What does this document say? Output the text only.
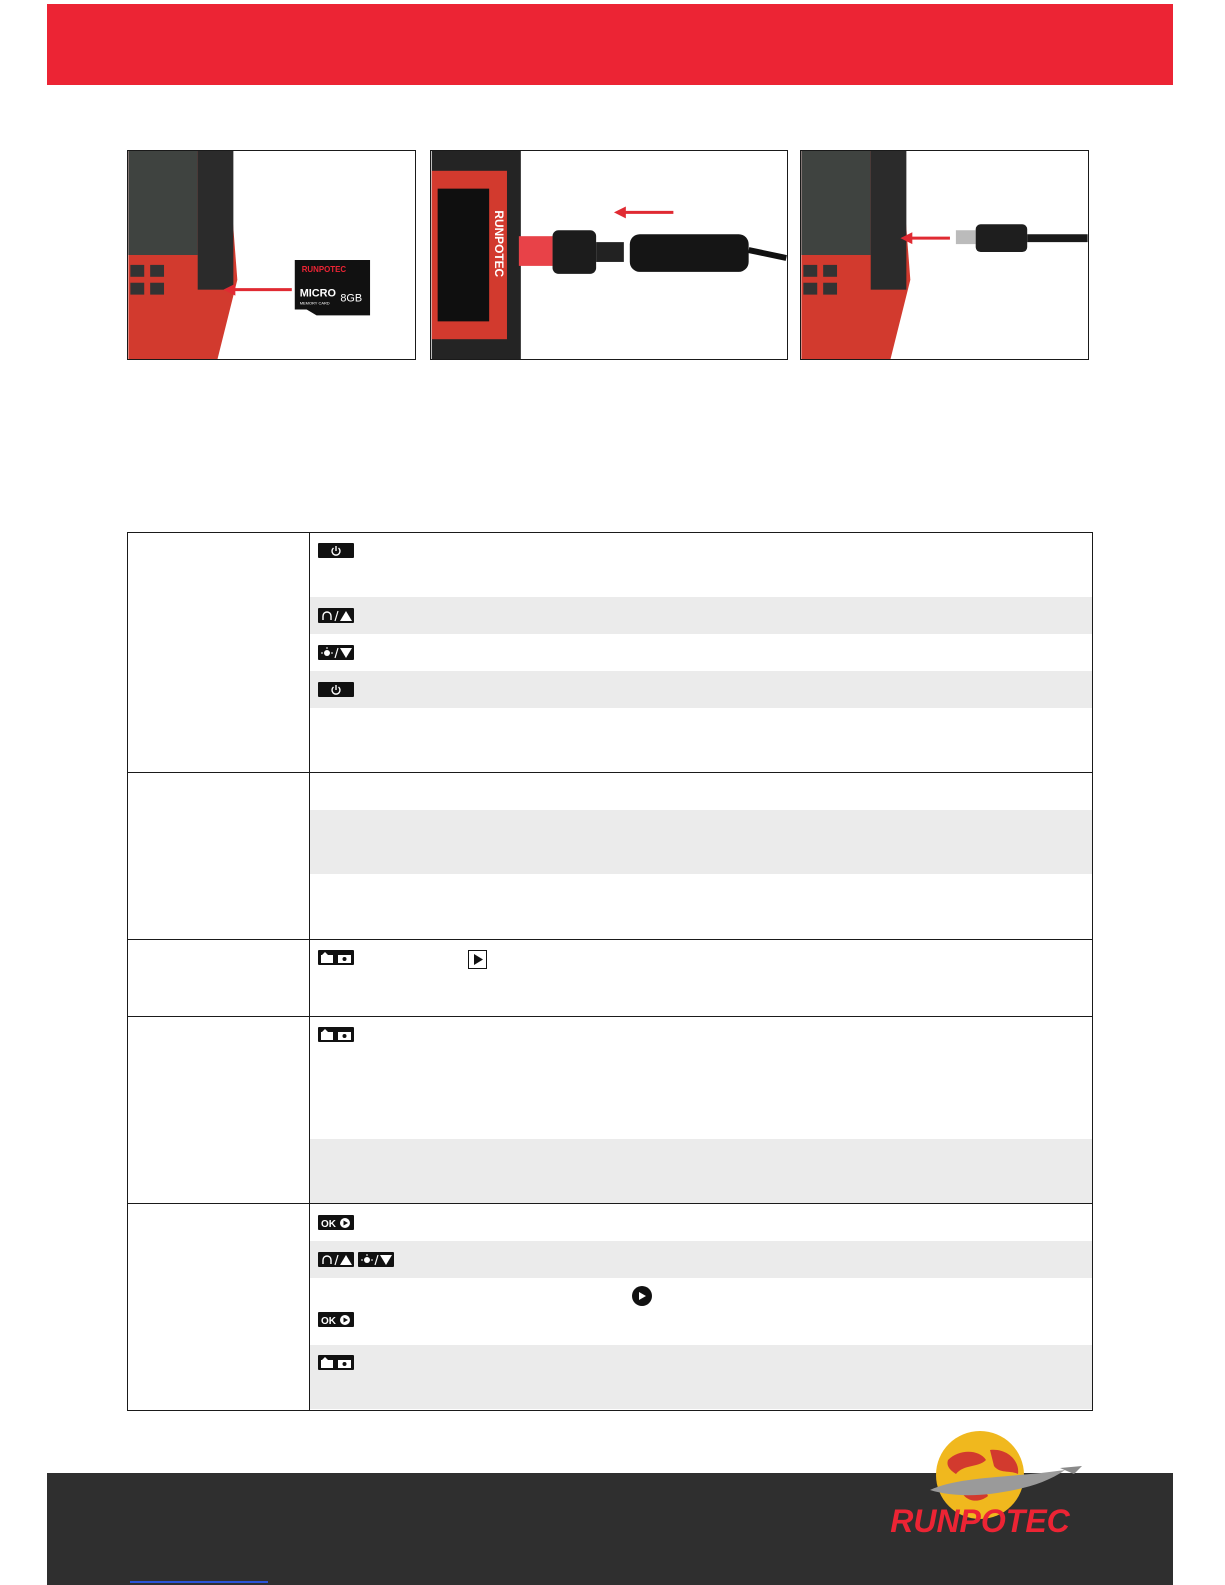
RUNPOTEC
MICRO
MEMORY CARD 8GB
RUNPOTEC

OK
OK
RUNPOTEC
